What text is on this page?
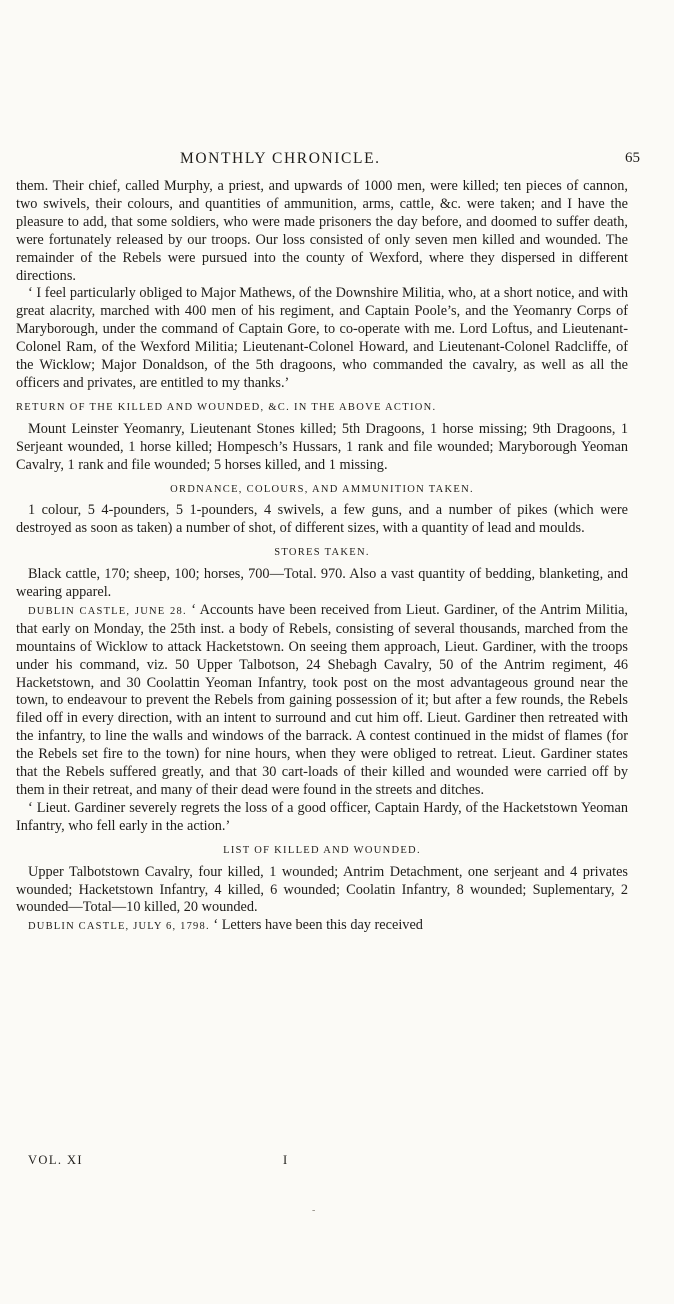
MONTHLY CHRONICLE.	65

them. Their chief, called Murphy, a priest, and upwards of 1000 men, were killed; ten pieces of cannon, two swivels, their colours, and quantities of ammunition, arms, cattle, &c. were taken; and I have the pleasure to add, that some soldiers, who were made prisoners the day before, and doomed to suffer death, were fortunately released by our troops. Our loss consisted of only seven men killed and wounded. The remainder of the Rebels were pursued into the county of Wexford, where they dispersed in different directions.

‘ I feel particularly obliged to Major Mathews, of the Downshire Militia, who, at a short notice, and with great alacrity, marched with 400 men of his regiment, and Captain Poole’s, and the Yeomanry Corps of Maryborough, under the command of Captain Gore, to co-operate with me. Lord Loftus, and Lieutenant-Colonel Ram, of the Wexford Militia; Lieutenant-Colonel Howard, and Lieutenant-Colonel Radcliffe, of the Wicklow; Major Donaldson, of the 5th dragoons, who commanded the cavalry, as well as all the officers and privates, are entitled to my thanks.’

RETURN OF THE KILLED AND WOUNDED, &C. IN THE ABOVE ACTION.

Mount Leinster Yeomanry, Lieutenant Stones killed; 5th Dragoons, 1 horse missing; 9th Dragoons, 1 Serjeant wounded, 1 horse killed; Hompesch’s Hussars, 1 rank and file wounded; Maryborough Yeoman Cavalry, 1 rank and file wounded; 5 horses killed, and 1 missing.

ORDNANCE, COLOURS, AND AMMUNITION TAKEN.

1 colour, 5 4-pounders, 5 1-pounders, 4 swivels, a few guns, and a number of pikes (which were destroyed as soon as taken) a number of shot, of different sizes, with a quantity of lead and moulds.

STORES TAKEN.

Black cattle, 170; sheep, 100; horses, 700—Total. 970. Also a vast quantity of bedding, blanketing, and wearing apparel.

DUBLIN CASTLE, JUNE 28. ‘ Accounts have been received from Lieut. Gardiner, of the Antrim Militia, that early on Monday, the 25th inst. a body of Rebels, consisting of several thousands, marched from the mountains of Wicklow to attack Hacketstown. On seeing them approach, Lieut. Gardiner, with the troops under his command, viz. 50 Upper Talbotson, 24 Shebagh Cavalry, 50 of the Antrim regiment, 46 Hacketstown, and 30 Coolattin Yeoman Infantry, took post on the most advantageous ground near the town, to endeavour to prevent the Rebels from gaining possession of it; but after a few rounds, the Rebels filed off in every direction, with an intent to surround and cut him off. Lieut. Gardiner then retreated with the infantry, to line the walls and windows of the barrack. A contest continued in the midst of flames (for the Rebels set fire to the town) for nine hours, when they were obliged to retreat. Lieut. Gardiner states that the Rebels suffered greatly, and that 30 cart-loads of their killed and wounded were carried off by them in their retreat, and many of their dead were found in the streets and ditches.

‘ Lieut. Gardiner severely regrets the loss of a good officer, Captain Hardy, of the Hacketstown Yeoman Infantry, who fell early in the action.’

LIST OF KILLED AND WOUNDED.

Upper Talbotstown Cavalry, four killed, 1 wounded; Antrim Detachment, one serjeant and 4 privates wounded; Hacketstown Infantry, 4 killed, 6 wounded; Coolatin Infantry, 8 wounded; Suplementary, 2 wounded—Total—10 killed, 20 wounded.

DUBLIN CASTLE, JULY 6, 1798. ‘ Letters have been this day received

VOL. XI	I
-
